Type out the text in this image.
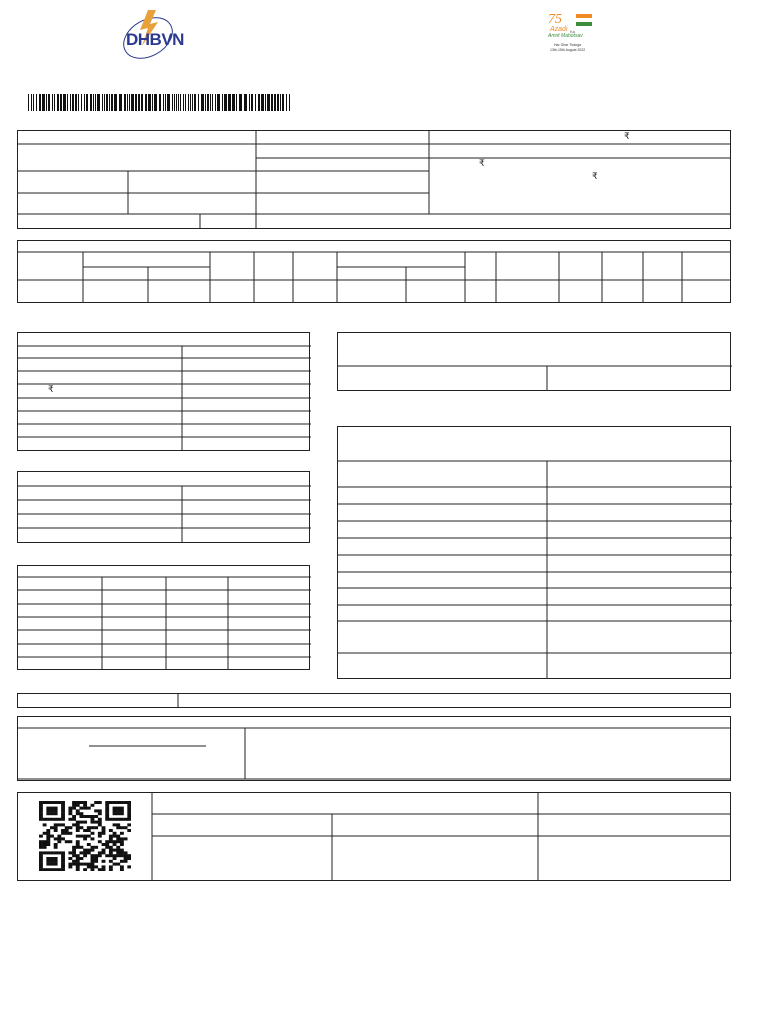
DHBVN
75
Azadi Ka
Amrit Mahotsav
Har Ghar Tiranga
13th-15th August 2022
₹
₹
₹
₹
